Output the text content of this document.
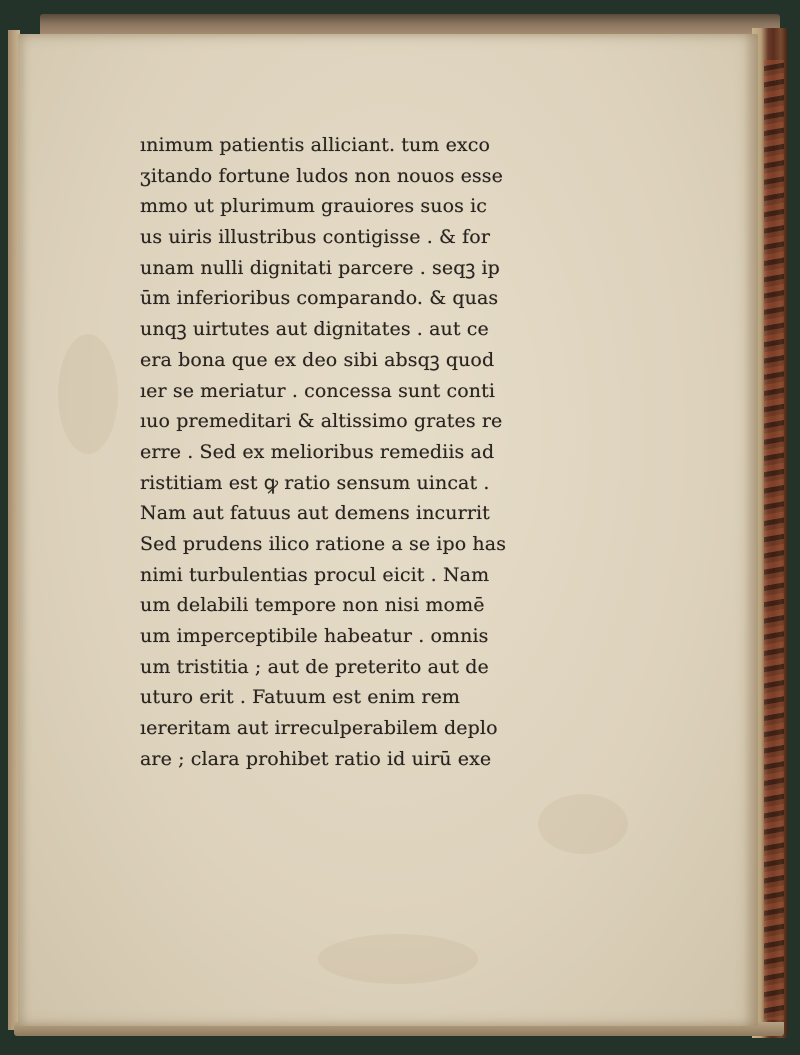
ınimum patientis alliciant. tum exco
ʒitando fortune ludos non nouos esse
mmo ut plurimum grauiores suos ic
us uiris illustribus contigisse . & for
unam nulli dignitati parcere . seqꝫ ip
ūm inferioribus comparando. & quas
unqꝫ uirtutes aut dignitates . aut ce
era bona que ex deo sibi absqꝫ quod
ıer se meriatur . concessa sunt conti
ıuo premeditari & altissimo grates re
erre . Sed ex melioribus remediis ad
ristitiam est ꝙ ratio sensum uincat .
Nam aut fatuus aut demens incurrit
Sed prudens ilico ratione a se ipo has
nimi turbulentias procul eicit . Nam
um delabili tempore non nisi momē
um imperceptibile habeatur . omnis
um tristitia ; aut de preterito aut de
uturo erit . Fatuum est enim rem
ıereritam aut irreculperabilem deplo
are ; clara prohibet ratio id uirū exe
